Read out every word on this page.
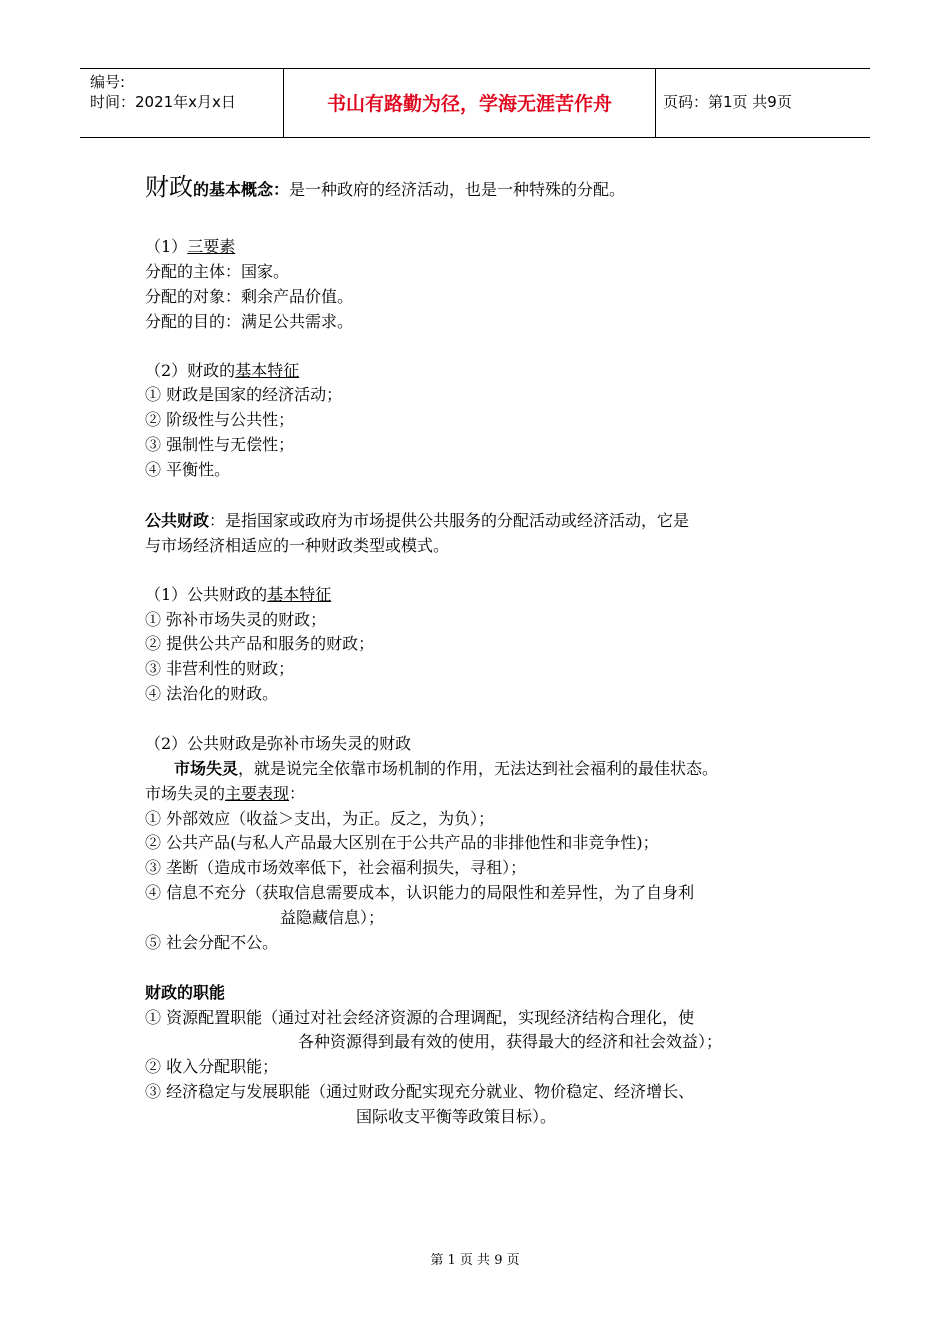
编号:
时间：2021年x月x日	书山有路勤为径，学海无涯苦作舟	页码：第1页 共9页
财政的基本概念：是一种政府的经济活动，也是一种特殊的分配。
（1）三要素
分配的主体：国家。
分配的对象：剩余产品价值。
分配的目的：满足公共需求。
（2）财政的基本特征
① 财政是国家的经济活动；
② 阶级性与公共性；
③ 强制性与无偿性；
④ 平衡性。
公共财政：是指国家或政府为市场提供公共服务的分配活动或经济活动，它是
与市场经济相适应的一种财政类型或模式。
（1）公共财政的基本特征
① 弥补市场失灵的财政；
② 提供公共产品和服务的财政；
③ 非营利性的财政；
④ 法治化的财政。
（2）公共财政是弥补市场失灵的财政
市场失灵，就是说完全依靠市场机制的作用，无法达到社会福利的最佳状态。
市场失灵的主要表现：
① 外部效应（收益＞支出，为正。反之，为负）；
② 公共产品(与私人产品最大区别在于公共产品的非排他性和非竞争性)；
③ 垄断（造成市场效率低下，社会福利损失，寻租）；
④ 信息不充分（获取信息需要成本，认识能力的局限性和差异性，为了自身利
益隐藏信息）；
⑤ 社会分配不公。
财政的职能
① 资源配置职能（通过对社会经济资源的合理调配，实现经济结构合理化，使
各种资源得到最有效的使用，获得最大的经济和社会效益）；
② 收入分配职能；
③ 经济稳定与发展职能（通过财政分配实现充分就业、物价稳定、经济增长、
国际收支平衡等政策目标）。
第 1 页 共 9 页
